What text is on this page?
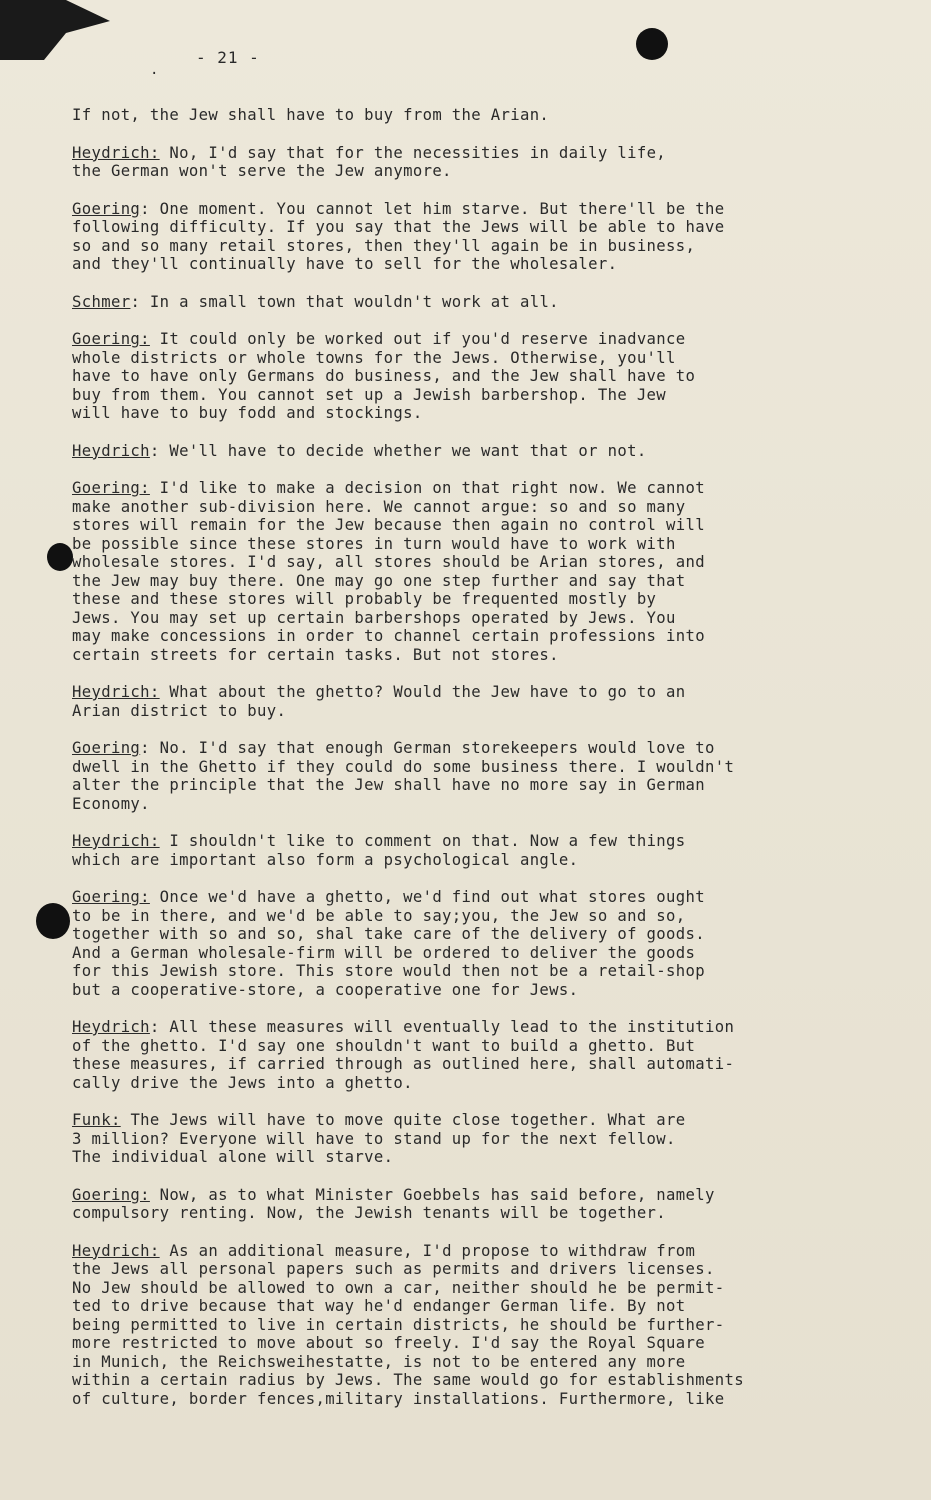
.
- 21 -

If not, the Jew shall have to buy from the Arian.

Heydrich: No, I'd say that for the necessities in daily life,
the German won't serve the Jew anymore.

Goering: One moment. You cannot let him starve. But there'll be the
following difficulty. If you say that the Jews will be able to have
so and so many retail stores, then they'll again be in business,
and they'll continually have to sell for the wholesaler.

Schmer: In a small town that wouldn't work at all.

Goering: It could only be worked out if you'd reserve inadvance
whole districts or whole towns for the Jews. Otherwise, you'll
have to have only Germans do business, and the Jew shall have to
buy from them. You cannot set up a Jewish barbershop. The Jew
will have to buy fodd and stockings.

Heydrich: We'll have to decide whether we want that or not.

Goering: I'd like to make a decision on that right now. We cannot
make another sub-division here. We cannot argue: so and so many
stores will remain for the Jew because then again no control will
be possible since these stores in turn would have to work with
wholesale stores. I'd say, all stores should be Arian stores, and
the Jew may buy there. One may go one step further and say that
these and these stores will probably be frequented mostly by
Jews. You may set up certain barbershops operated by Jews. You
may make concessions in order to channel certain professions into
certain streets for certain tasks. But not stores.

Heydrich: What about the ghetto? Would the Jew have to go to an
Arian district to buy.

Goering: No. I'd say that enough German storekeepers would love to
dwell in the Ghetto if they could do some business there. I wouldn't
alter the principle that the Jew shall have no more say in German
Economy.

Heydrich: I shouldn't like to comment on that. Now a few things
which are important also form a psychological angle.

Goering: Once we'd have a ghetto, we'd find out what stores ought
to be in there, and we'd be able to say;you, the Jew so and so,
together with so and so, shal take care of the delivery of goods.
And a German wholesale-firm will be ordered to deliver the goods
for this Jewish store. This store would then not be a retail-shop
but a cooperative-store, a cooperative one for Jews.

Heydrich: All these measures will eventually lead to the institution
of the ghetto. I'd say one shouldn't want to build a ghetto. But
these measures, if carried through as outlined here, shall automati-
cally drive the Jews into a ghetto.

Funk: The Jews will have to move quite close together. What are
3 million? Everyone will have to stand up for the next fellow.
The individual alone will starve.

Goering: Now, as to what Minister Goebbels has said before, namely
compulsory renting. Now, the Jewish tenants will be together.

Heydrich: As an additional measure, I'd propose to withdraw from
the Jews all personal papers such as permits and drivers licenses.
No Jew should be allowed to own a car, neither should he be permit-
ted to drive because that way he'd endanger German life. By not
being permitted to live in certain districts, he should be further-
more restricted to move about so freely. I'd say the Royal Square
in Munich, the Reichsweihestatte, is not to be entered any more
within a certain radius by Jews. The same would go for establishments
of culture, border fences,military installations. Furthermore, like
